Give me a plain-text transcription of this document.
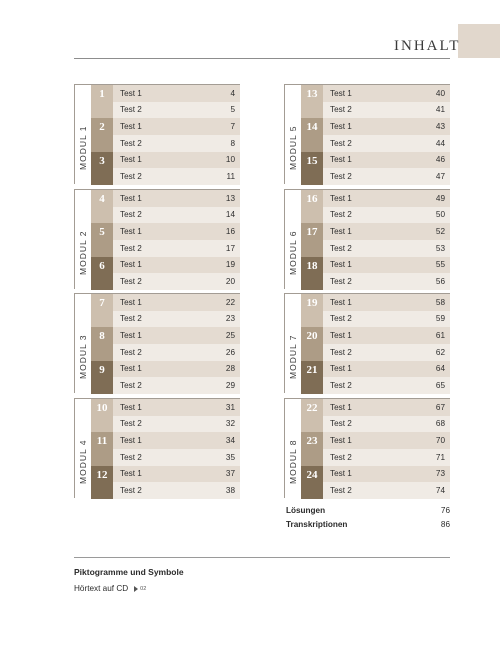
INHALT
MODUL 1
1	Test 1	4
Test 2	5
2	Test 1	7
Test 2	8
3	Test 1	10
Test 2	11
MODUL 2
4	Test 1	13
Test 2	14
5	Test 1	16
Test 2	17
6	Test 1	19
Test 2	20
MODUL 3
7	Test 1	22
Test 2	23
8	Test 1	25
Test 2	26
9	Test 1	28
Test 2	29
MODUL 4
10	Test 1	31
Test 2	32
11	Test 1	34
Test 2	35
12	Test 1	37
Test 2	38
MODUL 5
13	Test 1	40
Test 2	41
14	Test 1	43
Test 2	44
15	Test 1	46
Test 2	47
MODUL 6
16	Test 1	49
Test 2	50
17	Test 1	52
Test 2	53
18	Test 1	55
Test 2	56
MODUL 7
19	Test 1	58
Test 2	59
20	Test 1	61
Test 2	62
21	Test 1	64
Test 2	65
MODUL 8
22	Test 1	67
Test 2	68
23	Test 1	70
Test 2	71
24	Test 1	73
Test 2	74
Lösungen	76
Transkriptionen	86
Piktogramme und Symbole
Hörtext auf CD 02
